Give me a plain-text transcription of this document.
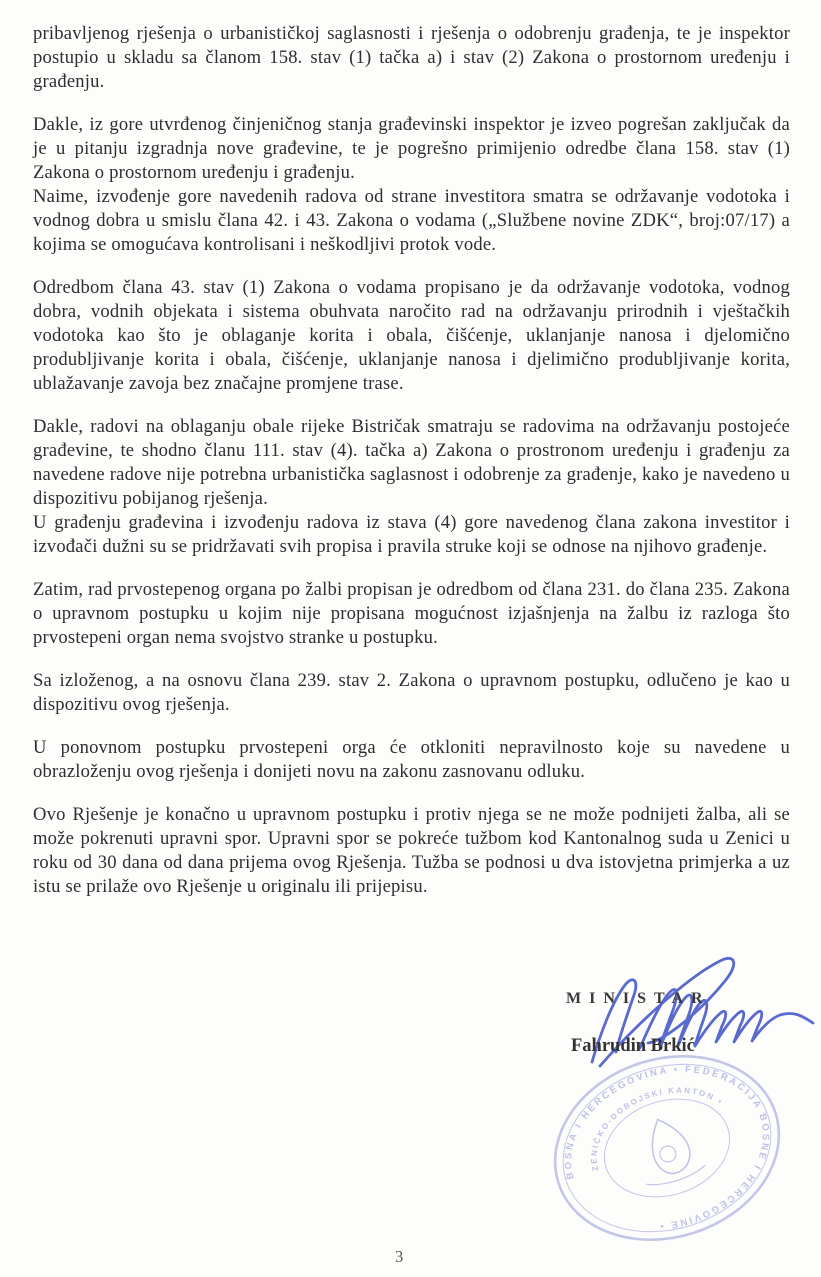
pribavljenog rješenja o urbanističkoj saglasnosti i rješenja o odobrenju građenja, te je inspektor postupio u skladu sa članom 158. stav (1) tačka a) i stav (2) Zakona o prostornom uređenju i građenju.

Dakle, iz gore utvrđenog činjeničnog stanja građevinski inspektor je izveo pogrešan zaključak da je u pitanju izgradnja nove građevine, te je pogrešno primijenio odredbe člana 158. stav (1) Zakona o prostornom uređenju i građenju.

Naime, izvođenje gore navedenih radova od strane investitora smatra se održavanje vodotoka i vodnog dobra u smislu člana 42. i 43. Zakona o vodama („Službene novine ZDK“, broj:07/17) a kojima se omogućava kontrolisani i neškodljivi protok vode.

Odredbom člana 43. stav (1) Zakona o vodama propisano je da održavanje vodotoka, vodnog dobra, vodnih objekata i sistema obuhvata naročito rad na održavanju prirodnih i vještačkih vodotoka kao što je oblaganje korita i obala, čišćenje, uklanjanje nanosa i djelomično produbljivanje korita i obala, čišćenje, uklanjanje nanosa i djelimično produbljivanje korita, ublažavanje zavoja bez značajne promjene trase.

Dakle, radovi na oblaganju obale rijeke Bistričak smatraju se radovima na održavanju postojeće građevine, te shodno članu 111. stav (4). tačka a) Zakona o prostronom uređenju i građenju za navedene radove nije potrebna urbanistička saglasnost i odobrenje za građenje, kako je navedeno u dispozitivu pobijanog rješenja.

U građenju građevina i izvođenju radova iz stava (4) gore navedenog člana zakona investitor i izvođači dužni su se pridržavati svih propisa i pravila struke koji se odnose na njihovo građenje.

Zatim, rad prvostepenog organa po žalbi propisan je odredbom od člana 231. do člana 235. Zakona o upravnom postupku u kojim nije propisana mogućnost izjašnjenja na žalbu iz razloga što prvostepeni organ nema svojstvo stranke u postupku.

Sa izloženog, a na osnovu člana 239. stav 2. Zakona o upravnom postupku, odlučeno je kao u dispozitivu ovog rješenja.

U ponovnom postupku prvostepeni orga će otkloniti nepravilnosto koje su navedene u obrazloženju ovog rješenja i donijeti novu na zakonu zasnovanu odluku.

Ovo Rješenje je konačno u upravnom postupku i protiv njega se ne može podnijeti žalba, ali se može pokrenuti upravni spor. Upravni spor se pokreće tužbom kod Kantonalnog suda u Zenici u roku od 30 dana od dana prijema ovog Rješenja. Tužba se podnosi u dva istovjetna primjerka a uz istu se prilaže ovo Rješenje u originalu ili prijepisu.

BOSNA I HERCEGOVINA • FEDERACIJA BOSNE I HERCEGOVINE •
ZENIČKO-DOBOJSKI KANTON •
MINISTAR
Fahrudin Brkić
3
